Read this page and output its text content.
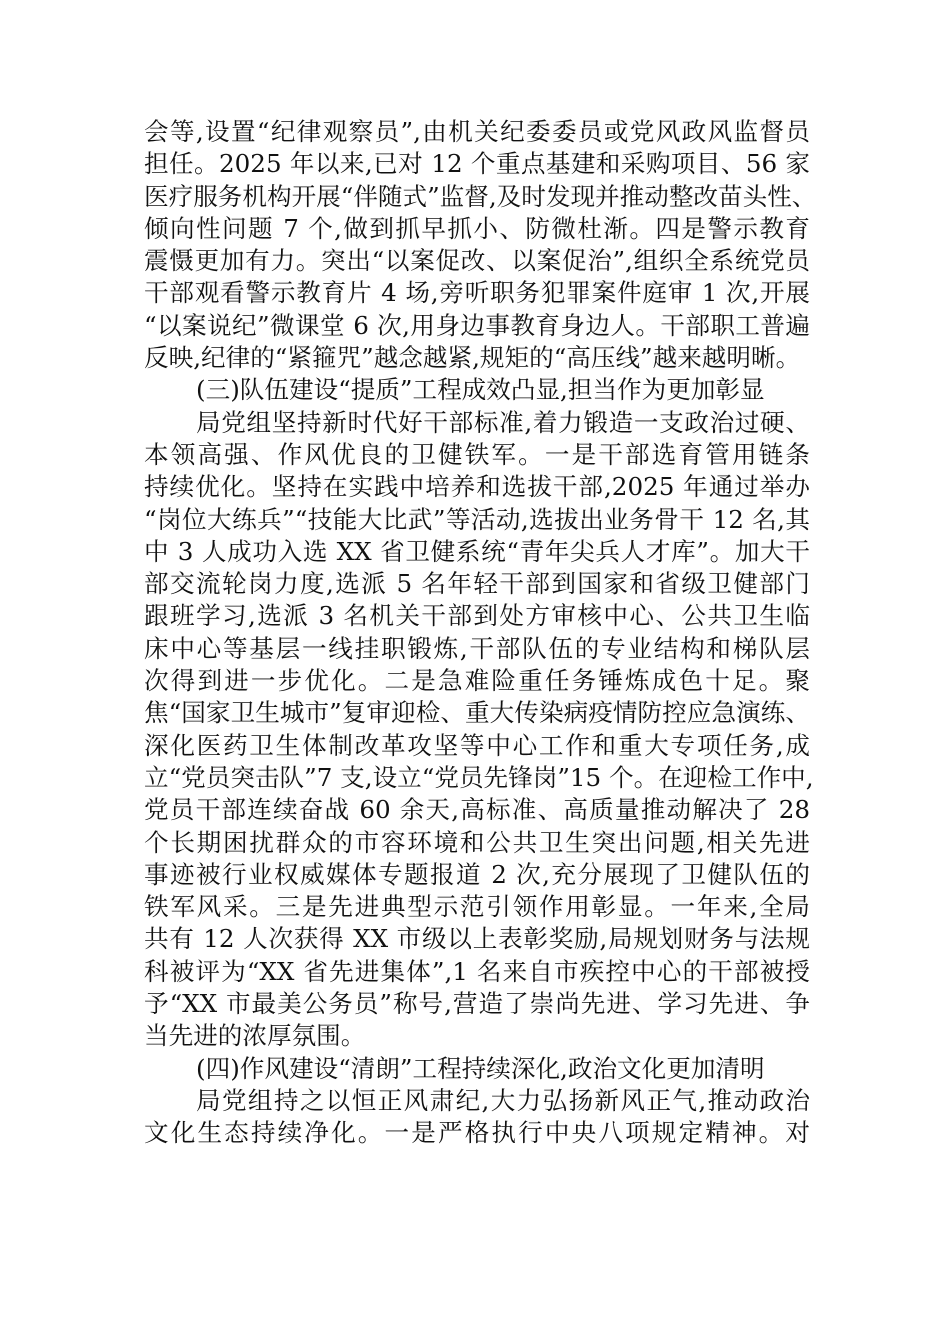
会等,设置“纪律观察员”,由机关纪委委员或党风政风监督员
担任。2025 年以来,已对 12 个重点基建和采购项目、56 家
医疗服务机构开展“伴随式”监督,及时发现并推动整改苗头性、
倾向性问题 7 个,做到抓早抓小、防微杜渐。四是警示教育
震慑更加有力。突出“以案促改、以案促治”,组织全系统党员
干部观看警示教育片 4 场,旁听职务犯罪案件庭审 1 次,开展
“以案说纪”微课堂 6 次,用身边事教育身边人。干部职工普遍
反映,纪律的“紧箍咒”越念越紧,规矩的“高压线”越来越明晰。
(三)队伍建设“提质”工程成效凸显,担当作为更加彰显
局党组坚持新时代好干部标准,着力锻造一支政治过硬、
本领高强、作风优良的卫健铁军。一是干部选育管用链条
持续优化。坚持在实践中培养和选拔干部,2025 年通过举办
“岗位大练兵”“技能大比武”等活动,选拔出业务骨干 12 名,其
中 3 人成功入选 XX 省卫健系统“青年尖兵人才库”。加大干
部交流轮岗力度,选派 5 名年轻干部到国家和省级卫健部门
跟班学习,选派 3 名机关干部到处方审核中心、公共卫生临
床中心等基层一线挂职锻炼,干部队伍的专业结构和梯队层
次得到进一步优化。二是急难险重任务锤炼成色十足。聚
焦“国家卫生城市”复审迎检、重大传染病疫情防控应急演练、
深化医药卫生体制改革攻坚等中心工作和重大专项任务,成
立“党员突击队”7 支,设立“党员先锋岗”15 个。在迎检工作中,
党员干部连续奋战 60 余天,高标准、高质量推动解决了 28
个长期困扰群众的市容环境和公共卫生突出问题,相关先进
事迹被行业权威媒体专题报道 2 次,充分展现了卫健队伍的
铁军风采。三是先进典型示范引领作用彰显。一年来,全局
共有 12 人次获得 XX 市级以上表彰奖励,局规划财务与法规
科被评为“XX 省先进集体”,1 名来自市疾控中心的干部被授
予“XX 市最美公务员”称号,营造了崇尚先进、学习先进、争
当先进的浓厚氛围。
(四)作风建设“清朗”工程持续深化,政治文化更加清明
局党组持之以恒正风肃纪,大力弘扬新风正气,推动政治
文化生态持续净化。一是严格执行中央八项规定精神。对
